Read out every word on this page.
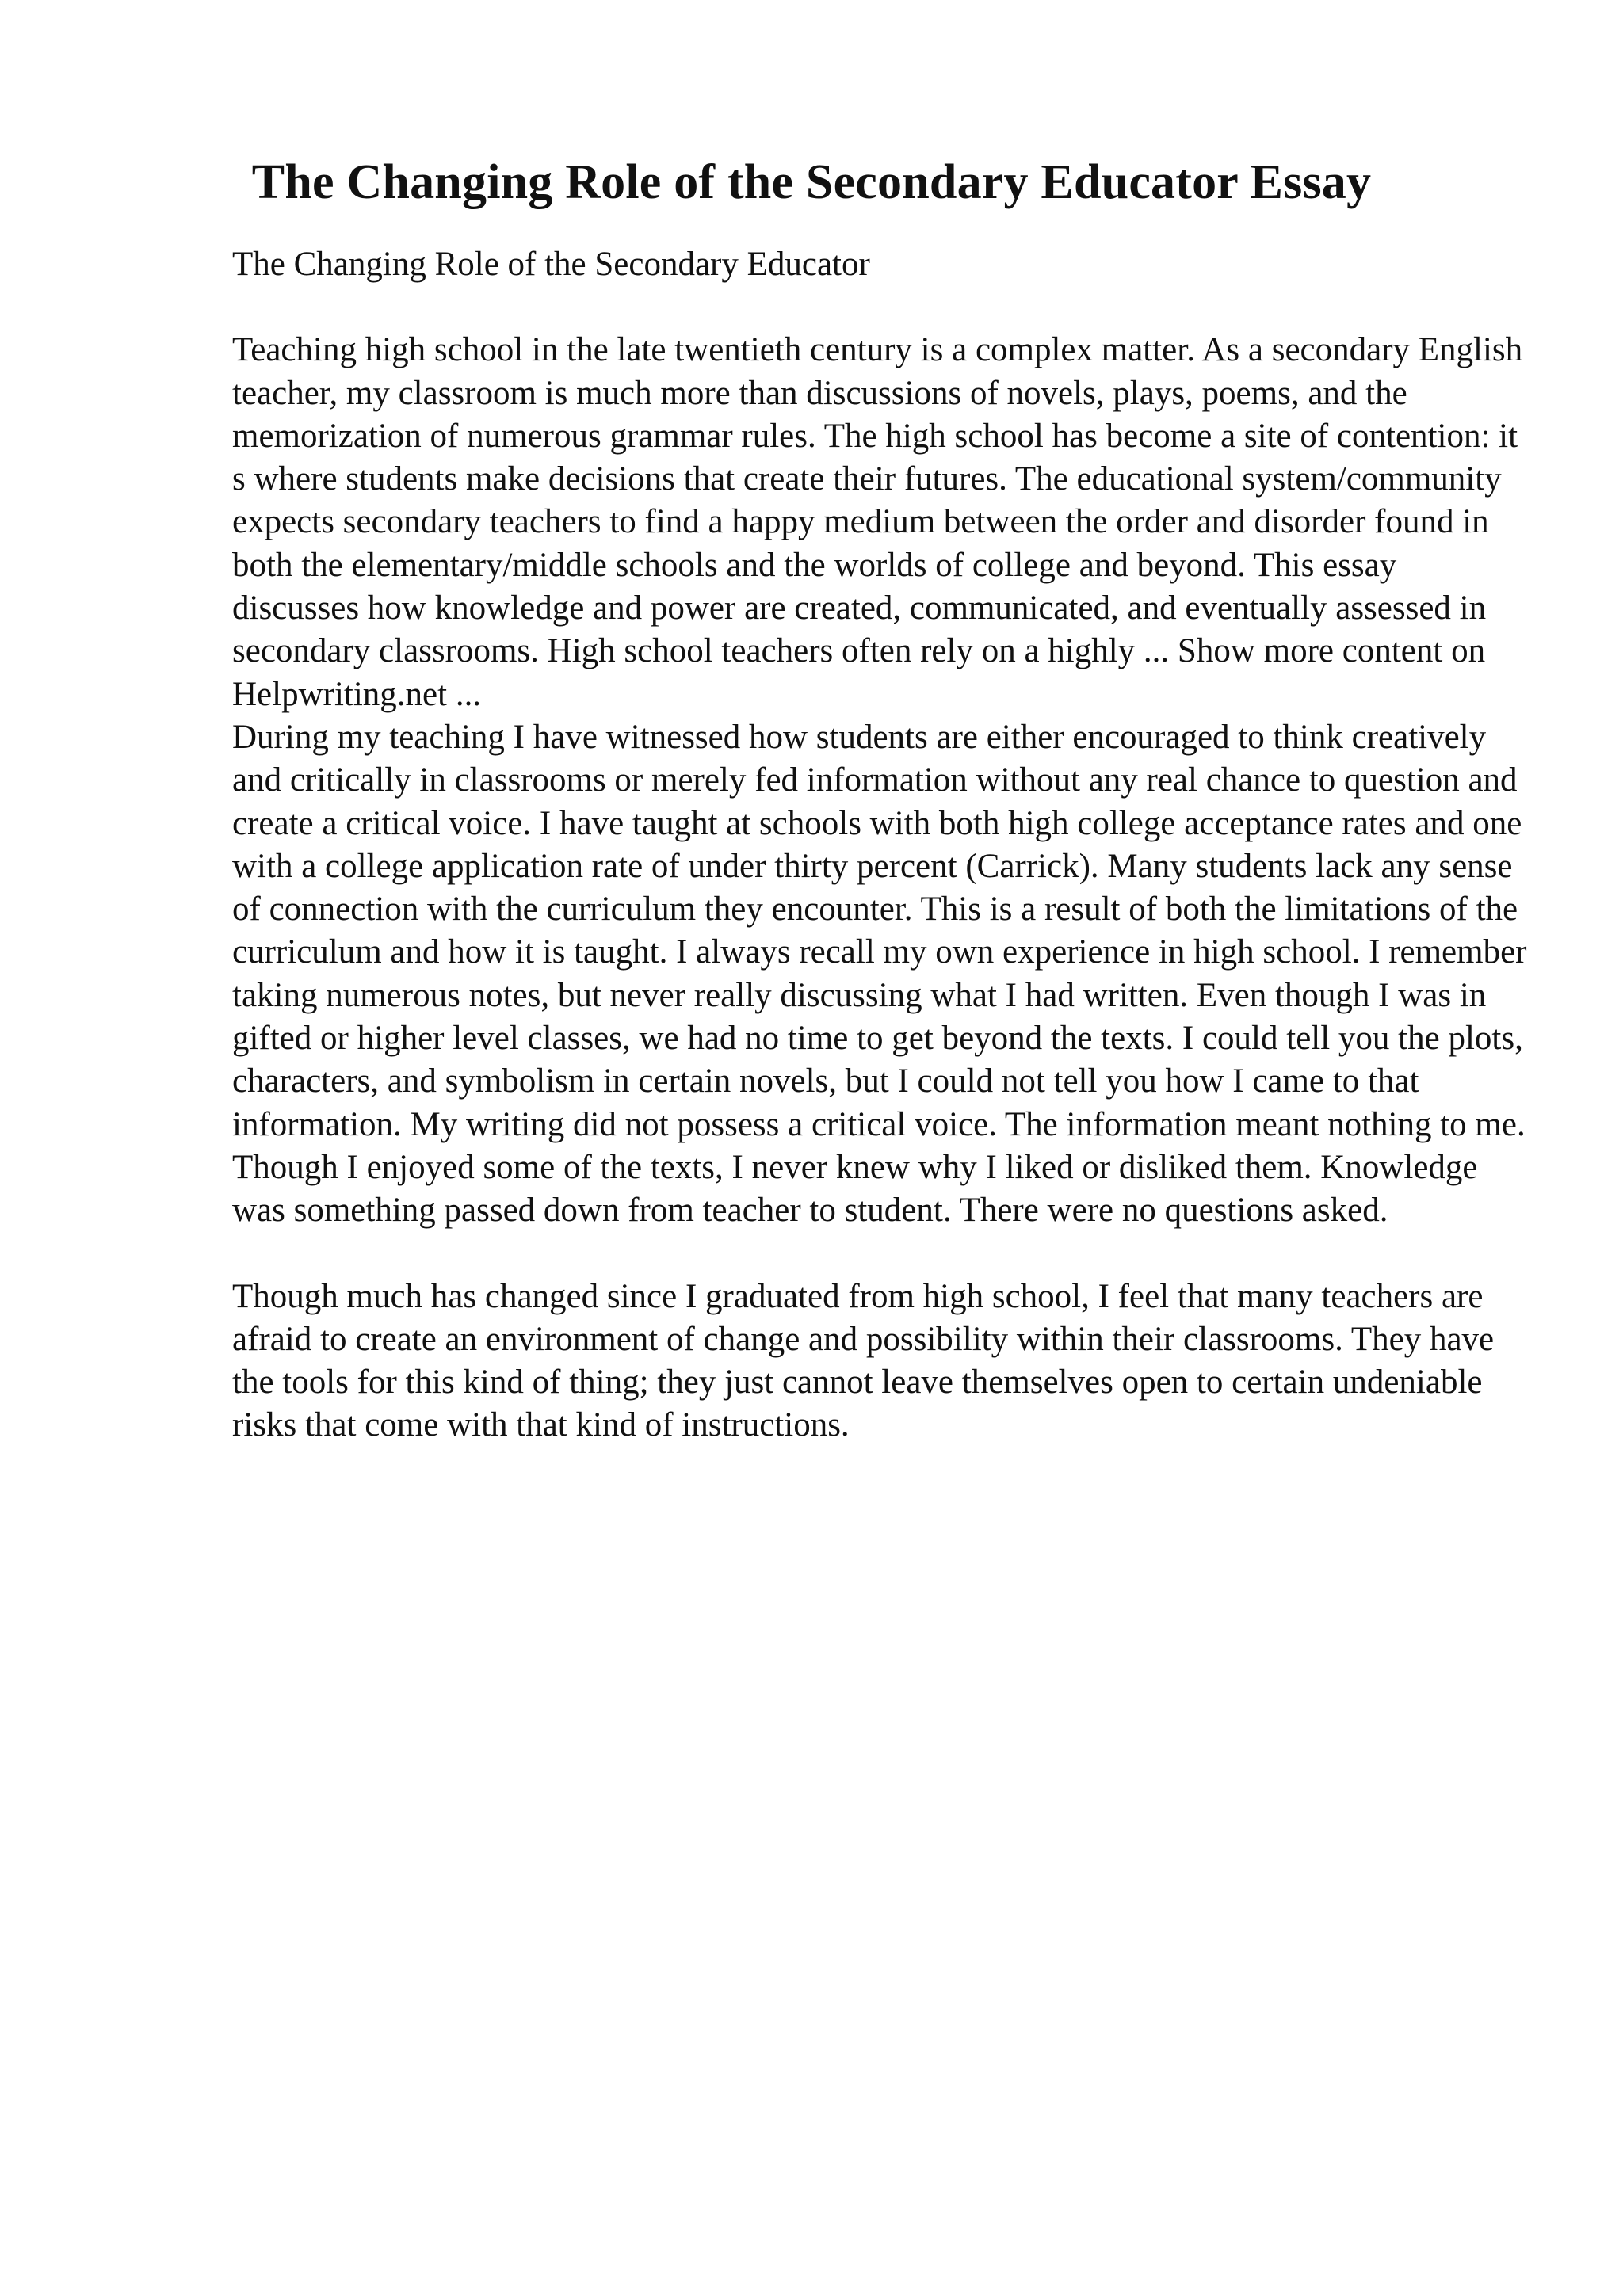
The Changing Role of the Secondary Educator Essay

The Changing Role of the Secondary Educator

Teaching high school in the late twentieth century is a complex matter. As a secondary English teacher, my classroom is much more than discussions of novels, plays, poems, and the memorization of numerous grammar rules. The high school has become a site of contention: it s where students make decisions that create their futures. The educational system/community expects secondary teachers to find a happy medium between the order and disorder found in both the elementary/middle schools and the worlds of college and beyond. This essay discusses how knowledge and power are created, communicated, and eventually assessed in secondary classrooms. High school teachers often rely on a highly ... Show more content on Helpwriting.net ...

During my teaching I have witnessed how students are either encouraged to think creatively and critically in classrooms or merely fed information without any real chance to question and create a critical voice. I have taught at schools with both high college acceptance rates and one with a college application rate of under thirty percent (Carrick). Many students lack any sense of connection with the curriculum they encounter. This is a result of both the limitations of the curriculum and how it is taught. I always recall my own experience in high school. I remember taking numerous notes, but never really discussing what I had written. Even though I was in gifted or higher level classes, we had no time to get beyond the texts. I could tell you the plots, characters, and symbolism in certain novels, but I could not tell you how I came to that information. My writing did not possess a critical voice. The information meant nothing to me. Though I enjoyed some of the texts, I never knew why I liked or disliked them. Knowledge was something passed down from teacher to student. There were no questions asked.

Though much has changed since I graduated from high school, I feel that many teachers are afraid to create an environment of change and possibility within their classrooms. They have the tools for this kind of thing; they just cannot leave themselves open to certain undeniable risks that come with that kind of instructions.
